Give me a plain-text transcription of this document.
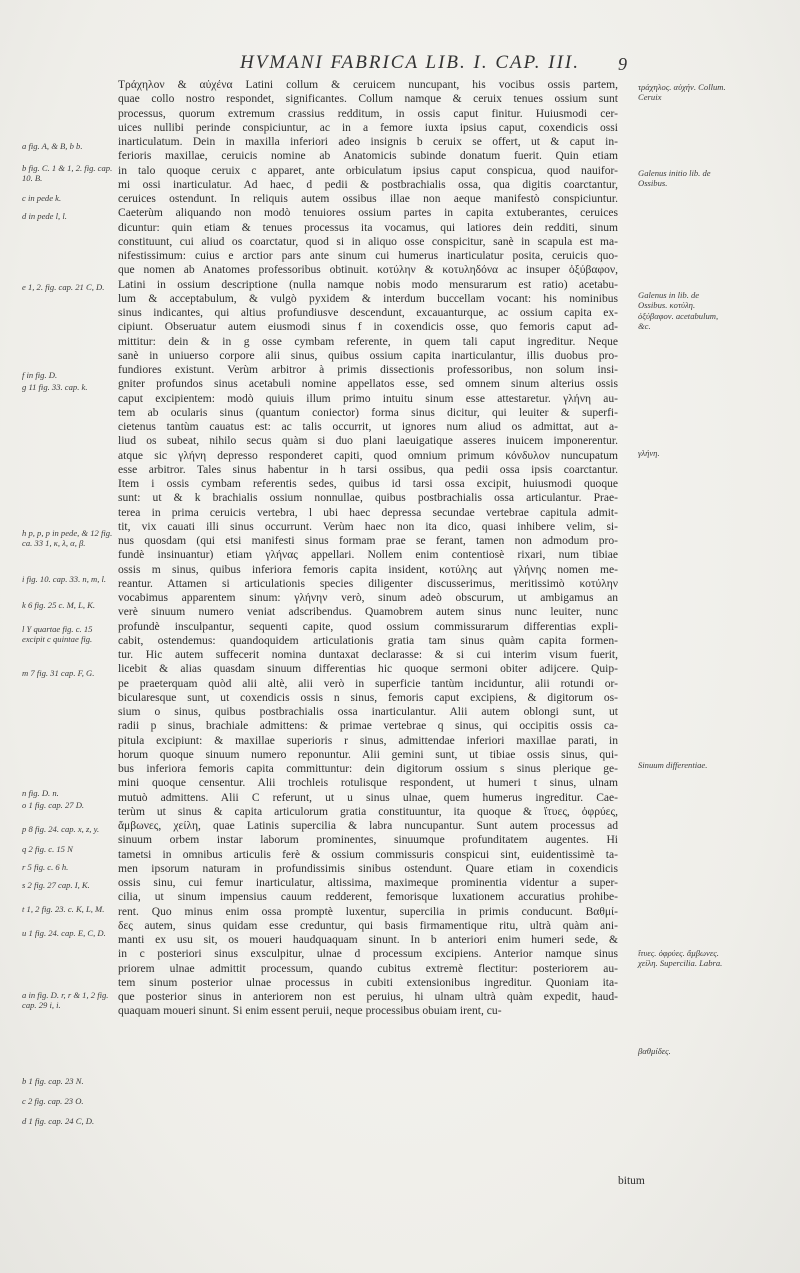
HVMANI FABRICA LIB. I. CAP. III.	9
Τράχηλον & αὐχένα Latini collum & ceruicem nuncupant, his vocibus ossis partem,
quae collo nostro respondet, significantes. Collum namque & ceruix tenues ossium sunt
processus, quorum extremum crassius redditum, in ossis caput finitur. Huiusmodi cer-
uices nullibi perinde conspiciuntur, ac in a femore iuxta ipsius caput, coxendicis ossi
inarticulatum. Dein in maxilla inferiori adeo insignis b ceruix se offert, ut & caput in-
ferioris maxillae, ceruicis nomine ab Anatomicis subinde donatum fuerit. Quin etiam
in talo quoque ceruix c apparet, ante orbiculatum ipsius caput conspicua, quod nauifor-
mi ossi inarticulatur. Ad haec, d pedii & postbrachialis ossa, qua digitis coarctantur,
ceruices ostendunt. In reliquis autem ossibus illae non aeque manifestò conspiciuntur.
Caeterùm aliquando non modò tenuiores ossium partes in capita extuberantes, ceruices
dicuntur: quin etiam & tenues processus ita vocamus, qui latiores dein redditi, sinum
constituunt, cui aliud os coarctatur, quod si in aliquo osse conspicitur, sanè in scapula est ma-
nifestissimum: cuius e arctior pars ante sinum cui humerus inarticulatur posita, ceruicis quo-
que nomen ab Anatomes professoribus obtinuit. κοτύλην & κοτυληδόνα ac insuper ὀξύβαφον,
Latini in ossium descriptione (nulla namque nobis modo mensurarum est ratio) acetabu-
lum & acceptabulum, & vulgò pyxidem & interdum buccellam vocant: his nominibus
sinus indicantes, qui altius profundiusve descendunt, excauanturque, ac ossium capita ex-
cipiunt. Obseruatur autem eiusmodi sinus f in coxendicis osse, quo femoris caput ad-
mittitur: dein & in g osse cymbam referente, in quem tali caput ingreditur. Neque
sanè in uniuerso corpore alii sinus, quibus ossium capita inarticulantur, illis duobus pro-
fundiores existunt. Verùm arbitror à primis dissectionis professoribus, non solum insi-
gniter profundos sinus acetabuli nomine appellatos esse, sed omnem sinum alterius ossis
caput excipientem: modò quiuis illum primo intuitu sinum esse attestaretur. γλήνη au-
tem ab ocularis sinus (quantum coniector) forma sinus dicitur, qui leuiter & superfi-
cietenus tantùm cauatus est: ac talis occurrit, ut ignores num aliud os admittat, aut a-
liud os subeat, nihilo secus quàm si duo plani laeuigatique asseres inuicem imponerentur.
atque sic γλήνη depresso responderet capiti, quod omnium primum κόνδυλον nuncupatum
esse arbitror. Tales sinus habentur in h tarsi ossibus, qua pedii ossa ipsis coarctantur.
Item i ossis cymbam referentis sedes, quibus id tarsi ossa excipit, huiusmodi quoque
sunt: ut & k brachialis ossium nonnullae, quibus postbrachialis ossa articulantur. Prae-
terea in prima ceruicis vertebra, l ubi haec depressa secundae vertebrae capitula admit-
tit, vix cauati illi sinus occurrunt. Verùm haec non ita dico, quasi inhibere velim, si-
nus quosdam (qui etsi manifesti sinus formam prae se ferant, tamen non admodum pro-
fundè insinuantur) etiam γλήνας appellari. Nollem enim contentiosè rixari, num tibiae
ossis m sinus, quibus inferiora femoris capita insident, κοτύλης aut γλήνης nomen me-
reantur. Attamen si articulationis species diligenter discusserimus, meritissimò κοτύλην
vocabimus apparentem sinum: γλήνην verò, sinum adeò obscurum, ut ambigamus an
verè sinuum numero veniat adscribendus. Quamobrem autem sinus nunc leuiter, nunc
profundè insculpantur, sequenti capite, quod ossium commissurarum differentias expli-
cabit, ostendemus: quandoquidem articulationis gratia tam sinus quàm capita formen-
tur. Hic autem suffecerit nomina duntaxat declarasse: & si cui interim visum fuerit,
licebit & alias quasdam sinuum differentias hic quoque sermoni obiter adijcere. Quip-
pe praeterquam quòd alii altè, alii verò in superficie tantùm inciduntur, alii rotundi or-
bicularesque sunt, ut coxendicis ossis n sinus, femoris caput excipiens, & digitorum os-
sium o sinus, quibus postbrachialis ossa inarticulantur. Alii autem oblongi sunt, ut
radii p sinus, brachiale admittens: & primae vertebrae q sinus, qui occipitis ossis ca-
pitula excipiunt: & maxillae superioris r sinus, admittendae inferiori maxillae parati, in
horum quoque sinuum numero reponuntur. Alii gemini sunt, ut tibiae ossis sinus, qui-
bus inferiora femoris capita committuntur: dein digitorum ossium s sinus plerique ge-
mini quoque censentur. Alii trochleis rotulisque respondent, ut humeri t sinus, ulnam
mutuò admittens. Alii C referunt, ut u sinus ulnae, quem humerus ingreditur. Cae-
terùm ut sinus & capita articulorum gratia constituuntur, ita quoque & ἴτυες, ὀφρύες,
ἄμβωνες, χείλη, quae Latinis supercilia & labra nuncupantur. Sunt autem processus ad
sinuum orbem instar laborum prominentes, sinuumque profunditatem augentes. Hi
tametsi in omnibus articulis ferè & ossium commissuris conspicui sint, euidentissimè ta-
men ipsorum naturam in profundissimis sinibus ostendunt. Quare etiam in coxendicis
ossis sinu, cui femur inarticulatur, altissima, maximeque prominentia videntur a super-
cilia, ut sinum impensius cauum redderent, femorisque luxationem accuratius prohibe-
rent. Quo minus enim ossa promptè luxentur, supercilia in primis conducunt. Βαθμί-
δες autem, sinus quidam esse creduntur, qui basis firmamentique ritu, ultrà quàm ani-
manti ex usu sit, os moueri haudquaquam sinunt. In b anteriori enim humeri sede, &
in c posteriori sinus exsculpitur, ulnae d processum excipiens. Anterior namque sinus
priorem ulnae admittit processum, quando cubitus extremè flectitur: posteriorem au-
tem sinum posterior ulnae processus in cubiti extensionibus ingreditur. Quoniam ita-
que posterior sinus in anteriorem non est peruius, hi ulnam ultrà quàm expedit, haud-
quaquam moueri sinunt. Si enim essent peruii, neque processibus obuiam irent, cu-
a fig. A, & B, b b.
b fig. C. 1 & 1, 2. fig. cap. 10. B.
c in pede k.
d in pede l, l.
e 1, 2. fig. cap. 21 C, D.
f in fig. D.
g 11 fig. 33. cap. k.
h p, p, p in pede, & 12 fig. ca. 33 1, κ, λ, α, β.
i fig. 10. cap. 33. n, m, l.
k 6 fig. 25 c. M, L, K.
l Y quartae fig. c. 15 excipit c quintae fig.
m 7 fig. 31 cap. F, G.
n fig. D. n.
o 1 fig. cap. 27 D.
p 8 fig. 24. cap. x, z, y.
q 2 fig. c. 15 N
r 5 fig. c. 6 h.
s 2 fig. 27 cap. I, K.
t 1, 2 fig. 23. c. K, L, M.
u 1 fig. 24. cap. E, C, D.
a in fig. D. r, r & 1, 2 fig. cap. 29 i, i.
b 1 fig. cap. 23 N.
c 2 fig. cap. 23 O.
d 1 fig. cap. 24 C, D.
τράχηλος. αὐχήν. Collum. Ceruix
Galenus initio lib. de Ossibus.
Galenus in lib. de Ossibus. κοτύλη. ὀξύβαφον. acetabulum, &c.
γλήνη.
Sinuum differentiae.
ἴτυες. ὀφρύες. ἄμβωνες. χείλη. Supercilia. Labra.
βαθμίδες.
bitum
